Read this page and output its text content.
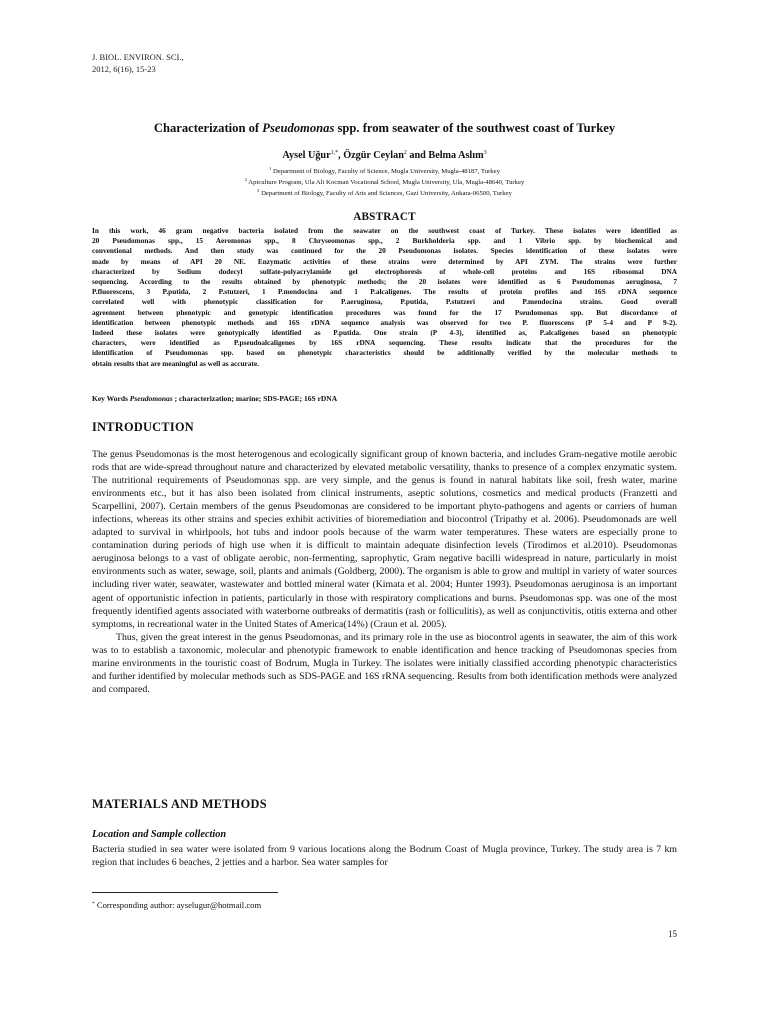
J. BIOL. ENVIRON. SCI.,
2012, 6(16), 15-23
Characterization of Pseudomonas spp. from seawater of the southwest coast of Turkey
Aysel Uğur$^{1,*}$, Özgür Ceylan$^2$ and Belma Aslım$^3$
$^1$ Department of Biology, Faculty of Science, Mugla University, Mugla-48187, Turkey
$^2$ Apiculture Program, Ula Ali Kocman Vocational School, Mugla University, Ula, Mugla-48640, Turkey
$^3$ Department of Biology, Faculty of Arts and Sciences, Gazi University, Ankara-06500, Turkey
ABSTRACT
In this work, 46 gram negative bacteria isolated from the seawater on the southwest coast of Turkey. These isolates were identified as
20 Pseudomonas spp., 15 Aeromonas spp., 8 Chryseomonas spp., 2 Burkholderia spp. and 1 Vibrio spp. by biochemical and
conventional methods. And then study was continued for the 20 Pseudomonas isolates. Species identification of these isolates were
made by means of API 20 NE. Enzymatic activities of these strains were determined by API ZYM. The strains were further
characterized by Sodium dodecyl sulfate-polyacrylamide gel electrophoresis of whole-cell proteins and 16S ribosomal DNA
sequencing. According to the results obtained by phenotypic methods; the 20 isolates were identified as 6 Pseudomonas aeruginosa, 7
P.fluorescens, 3 P.putida, 2 P.stutzeri, 1 P.mendocina and 1 P.alcaligenes. The results of protein profiles and 16S rDNA sequence
correlated well with phenotypic classification for P.aeruginosa, P.putida, P.stutzeri and P.mendocina strains. Good overall
agreement between phenotypic and genotypic identification procedures was found for the 17 Pseudomonas spp. But discordance of
identification between phenotypic methods and 16S rDNA sequence analysis was observed for two P. fluorescens (P 5-4 and P 9-2).
Indeed these isolates were genotypically identified as P.putida. One strain (P 4-3), identified as, P.alcaligenes based on phenotypic
characters, were identified as P.pseudoalcaligenes by 16S rDNA sequencing. These results indicate that the procedures for the
identification of Pseudomonas spp. based on phenotypic characteristics should be additionally verified by the molecular methods to
obtain results that are meaningful as well as accurate.
Key Words Pseudomonas ; characterization; marine; SDS-PAGE; 16S rDNA
INTRODUCTION

The genus Pseudomonas is the most heterogenous and ecologically significant group of known bacteria, and includes Gram-negative motile aerobic rods that are wide-spread throughout nature and characterized by elevated metabolic versatility, thanks to presence of a complex enzymatic system. The nutritional requirements of Pseudomonas spp. are very simple, and the genus is found in natural habitats like soil, fresh water, marine environments etc., but it has also been isolated from clinical instruments, aseptic solutions, cosmetics and medical products (Franzetti and Scarpellini, 2007). Certain members of the genus Pseudomonas are considered to be important phyto-pathogens and agents or carriers of human infections, whereas its other strains and species exhibit activities of bioremediation and biocontrol (Tripathy et al. 2006). Pseudomonads are well adapted to survival in whirlpools, hot tubs and indoor pools because of the warm water temperatures. These waters are especially prone to contamination during periods of high use when it is difficult to maintain adequate disinfection levels (Tirodimos et al.2010). Pseudomonas aeruginosa belongs to a vast of obligate aerobic, non-fermenting, saprophytic, Gram negative bacilli widespread in nature, particularly in moist environments such as water, sewage, soil, plants and animals (Goldberg, 2000). The organism is able to grow and multipl in variety of water sources including river water, seawater, wastewater and bottled mineral water (Kimata et al. 2004; Hunter 1993). Pseudomonas aeruginosa is an important agent of opportunistic infection in patients, particularly in those with respiratory complications and burns. Pseudomonas spp. was one of the most frequently identified agents associated with waterborne outbreaks of dermatitis (rash or folliculitis), as well as conjunctivitis, otitis externa and other symptoms, in recreational water in the United States of America(14%) (Craun et al. 2005).

Thus, given the great interest in the genus Pseudomonas, and its primary role in the use as biocontrol agents in seawater, the aim of this work was to to establish a taxonomic, molecular and phenotypic framework to enable identification and hence tracking of Pseudomonas species from marine environments in the touristic coast of Bodrum, Mugla in Turkey. The isolates were initially classified according phenotypic characteristics and further identified by molecular methods such as SDS-PAGE and 16S rRNA sequencing. Results from both identification methods were analyzed and compared.

MATERIALS AND METHODS
Location and Sample collection

Bacteria studied in sea water were isolated from 9 various locations along the Bodrum Coast of Mugla province, Turkey. The study area is 7 km region that includes 6 beaches, 2 jetties and a harbor. Sea water samples for

* Corresponding author: ayselugur@hotmail.com
15
